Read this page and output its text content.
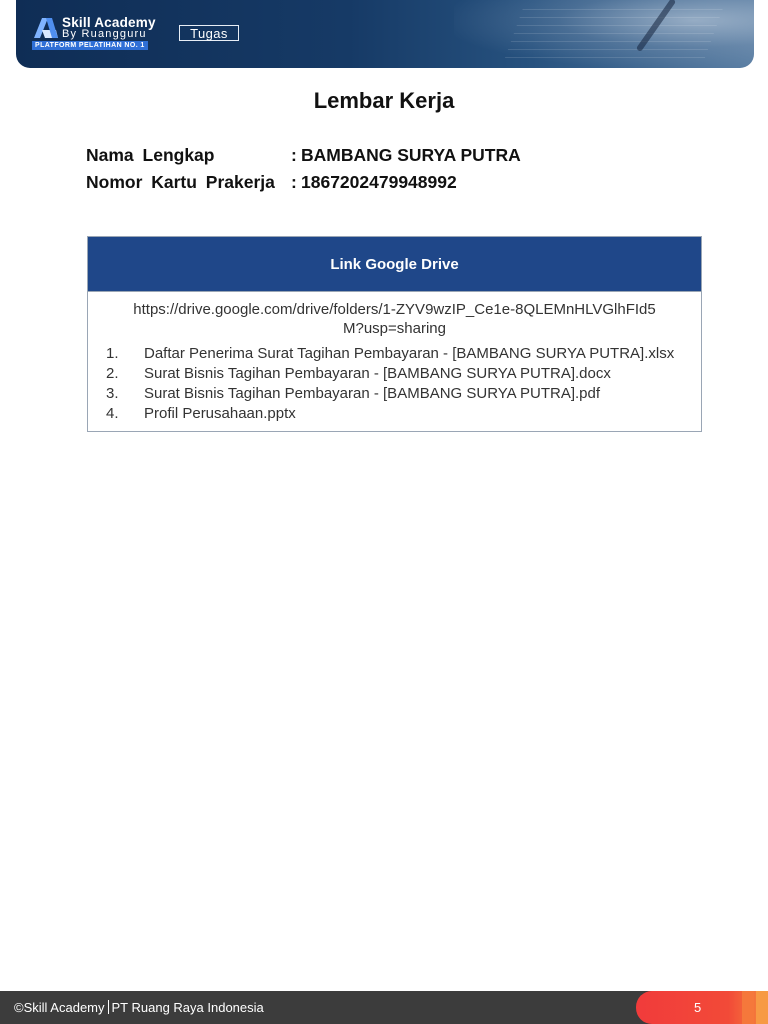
Skill Academy
By Ruangguru
PLATFORM PELATIHAN NO. 1
Tugas
Lembar Kerja
Nama Lengkap	: BAMBANG SURYA PUTRA
Nomor Kartu Prakerja : 1867202479948992
Link Google Drive
https://drive.google.com/drive/folders/1-ZYV9wzIP_Ce1e-8QLEMnHLVGlhFId5M?usp=sharing
1.	Daftar Penerima Surat Tagihan Pembayaran - [BAMBANG SURYA PUTRA].xlsx
2.	Surat Bisnis Tagihan Pembayaran - [BAMBANG SURYA PUTRA].docx
3.	Surat Bisnis Tagihan Pembayaran - [BAMBANG SURYA PUTRA].pdf
4.	Profil Perusahaan.pptx
©Skill Academy PT Ruang Raya Indonesia	5
